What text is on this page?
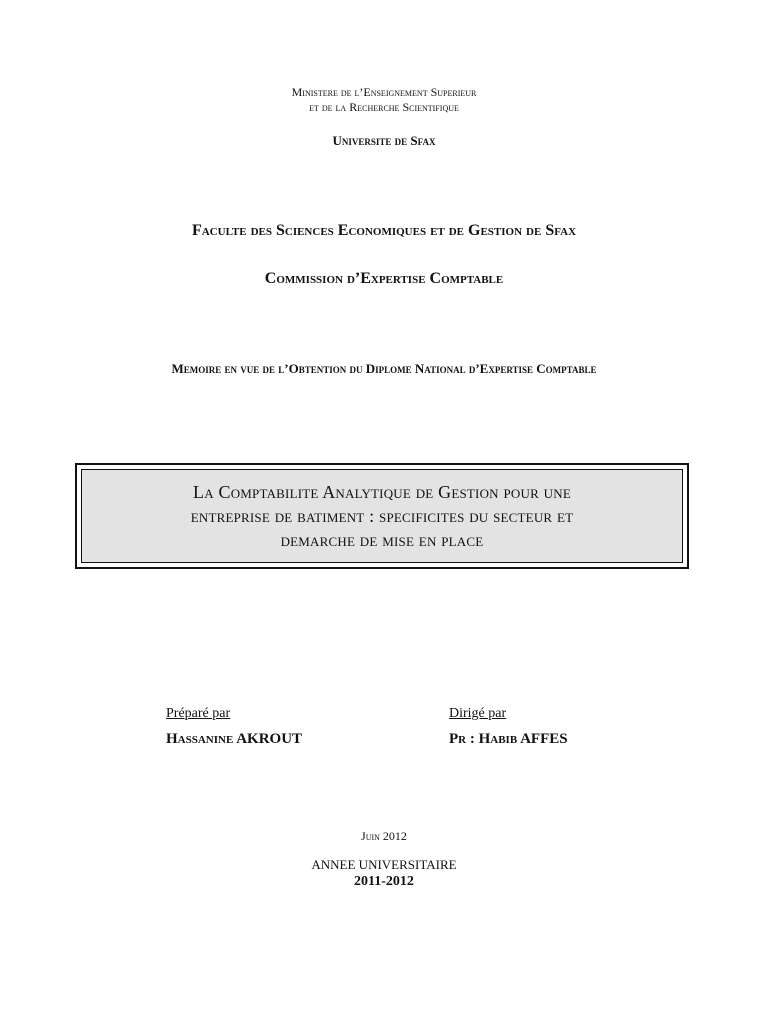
Ministere de l’Enseignement Superieur
et de la Recherche Scientifique
Universite de Sfax
Faculte des Sciences Economiques et de Gestion de Sfax
Commission d’Expertise Comptable
Memoire en vue de l’Obtention du Diplome National d’Expertise Comptable
La Comptabilite Analytique de Gestion pour une
entreprise de batiment : specificites du secteur et
demarche de mise en place
Préparé par
Hassanine AKROUT
Dirigé par
Pr : Habib AFFES
Juin 2012
ANNEE UNIVERSITAIRE
2011-2012
